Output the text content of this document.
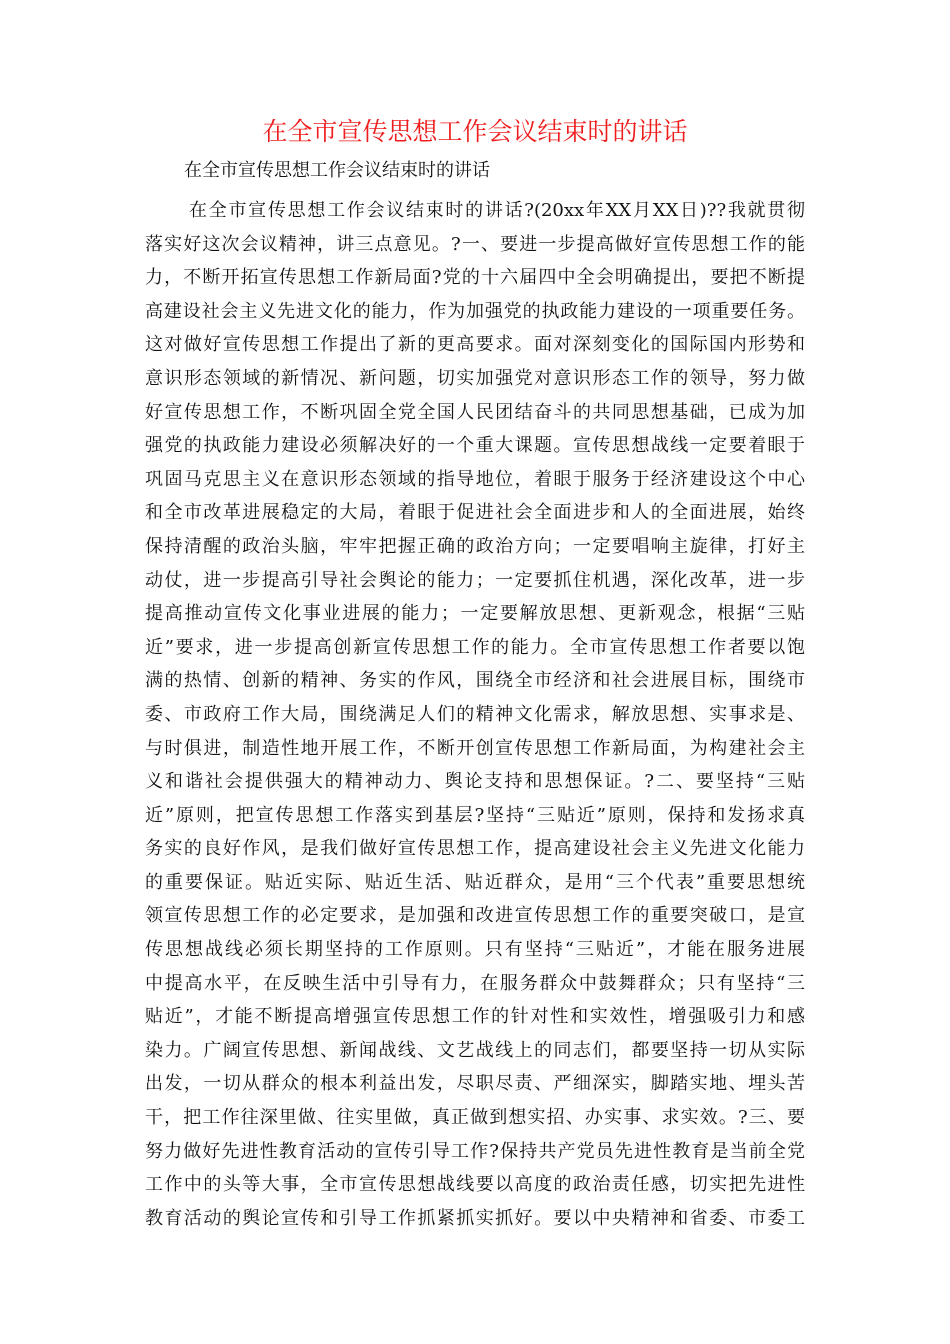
在全市宣传思想工作会议结束时的讲话
在全市宣传思想工作会议结束时的讲话
在全市宣传思想工作会议结束时的讲话?(20xx年XX月XX日)??我就贯彻
落实好这次会议精神，讲三点意见。?一、要进一步提高做好宣传思想工作的能
力，不断开拓宣传思想工作新局面?党的十六届四中全会明确提出，要把不断提
高建设社会主义先进文化的能力，作为加强党的执政能力建设的一项重要任务。
这对做好宣传思想工作提出了新的更高要求。面对深刻变化的国际国内形势和
意识形态领域的新情况、新问题，切实加强党对意识形态工作的领导，努力做
好宣传思想工作，不断巩固全党全国人民团结奋斗的共同思想基础，已成为加
强党的执政能力建设必须解决好的一个重大课题。宣传思想战线一定要着眼于
巩固马克思主义在意识形态领域的指导地位，着眼于服务于经济建设这个中心
和全市改革进展稳定的大局，着眼于促进社会全面进步和人的全面进展，始终
保持清醒的政治头脑，牢牢把握正确的政治方向；一定要唱响主旋律，打好主
动仗，进一步提高引导社会舆论的能力；一定要抓住机遇，深化改革，进一步
提高推动宣传文化事业进展的能力；一定要解放思想、更新观念，根据“三贴
近”要求，进一步提高创新宣传思想工作的能力。全市宣传思想工作者要以饱
满的热情、创新的精神、务实的作风，围绕全市经济和社会进展目标，围绕市
委、市政府工作大局，围绕满足人们的精神文化需求，解放思想、实事求是、
与时俱进，制造性地开展工作，不断开创宣传思想工作新局面，为构建社会主
义和谐社会提供强大的精神动力、舆论支持和思想保证。?二、要坚持“三贴
近”原则，把宣传思想工作落实到基层?坚持“三贴近”原则，保持和发扬求真
务实的良好作风，是我们做好宣传思想工作，提高建设社会主义先进文化能力
的重要保证。贴近实际、贴近生活、贴近群众，是用“三个代表”重要思想统
领宣传思想工作的必定要求，是加强和改进宣传思想工作的重要突破口，是宣
传思想战线必须长期坚持的工作原则。只有坚持“三贴近”，才能在服务进展
中提高水平，在反映生活中引导有力，在服务群众中鼓舞群众；只有坚持“三
贴近”，才能不断提高增强宣传思想工作的针对性和实效性，增强吸引力和感
染力。广阔宣传思想、新闻战线、文艺战线上的同志们，都要坚持一切从实际
出发，一切从群众的根本利益出发，尽职尽责、严细深实，脚踏实地、埋头苦
干，把工作往深里做、往实里做，真正做到想实招、办实事、求实效。?三、要
努力做好先进性教育活动的宣传引导工作?保持共产党员先进性教育是当前全党
工作中的头等大事，全市宣传思想战线要以高度的政治责任感，切实把先进性
教育活动的舆论宣传和引导工作抓紧抓实抓好。要以中央精神和省委、市委工
